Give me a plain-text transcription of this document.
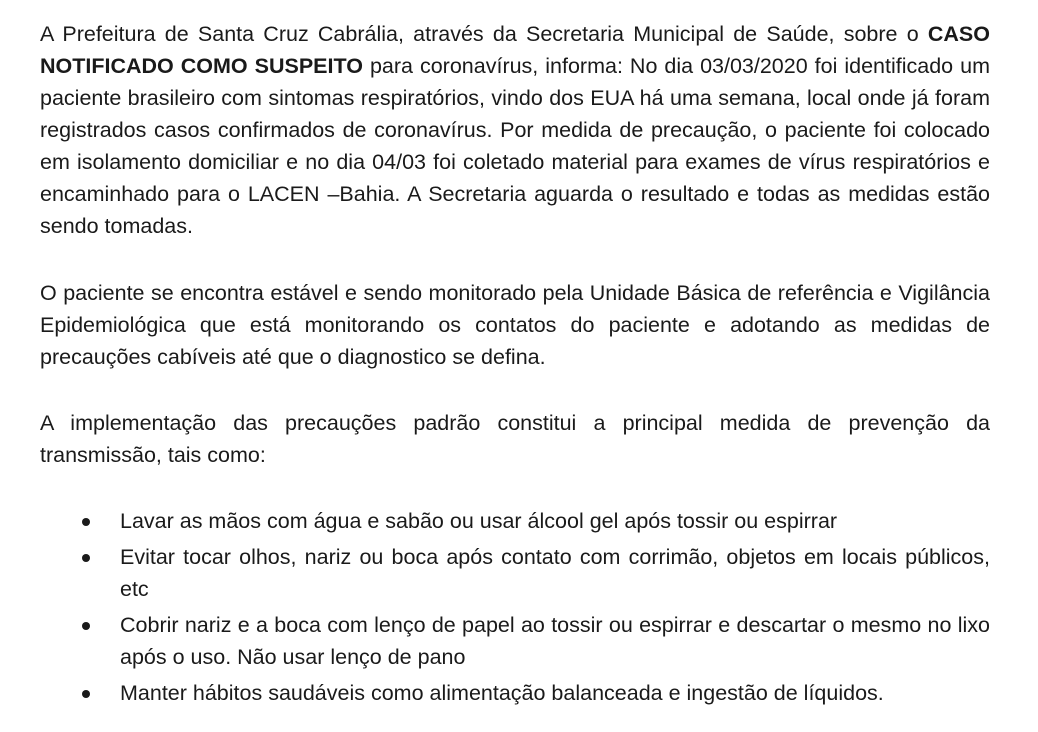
A Prefeitura de Santa Cruz Cabrália, através da Secretaria Municipal de Saúde, sobre o CASO NOTIFICADO COMO SUSPEITO para coronavírus, informa: No dia 03/03/2020 foi identificado um paciente brasileiro com sintomas respiratórios, vindo dos EUA há uma semana, local onde já foram registrados casos confirmados de coronavírus. Por medida de precaução, o paciente foi colocado em isolamento domiciliar e no dia 04/03 foi coletado material para exames de vírus respiratórios e encaminhado para o LACEN –Bahia. A Secretaria aguarda o resultado e todas as medidas estão sendo tomadas.

O paciente se encontra estável e sendo monitorado pela Unidade Básica de referência e Vigilância Epidemiológica que está monitorando os contatos do paciente e adotando as medidas de precauções cabíveis até que o diagnostico se defina.

A implementação das precauções padrão constitui a principal medida de prevenção da transmissão, tais como:

Lavar as mãos com água e sabão ou usar álcool gel após tossir ou espirrar
Evitar tocar olhos, nariz ou boca após contato com corrimão, objetos em locais públicos, etc
Cobrir nariz e a boca com lenço de papel ao tossir ou espirrar e descartar o mesmo no lixo após o uso. Não usar lenço de pano
Manter hábitos saudáveis como alimentação balanceada e ingestão de líquidos.
